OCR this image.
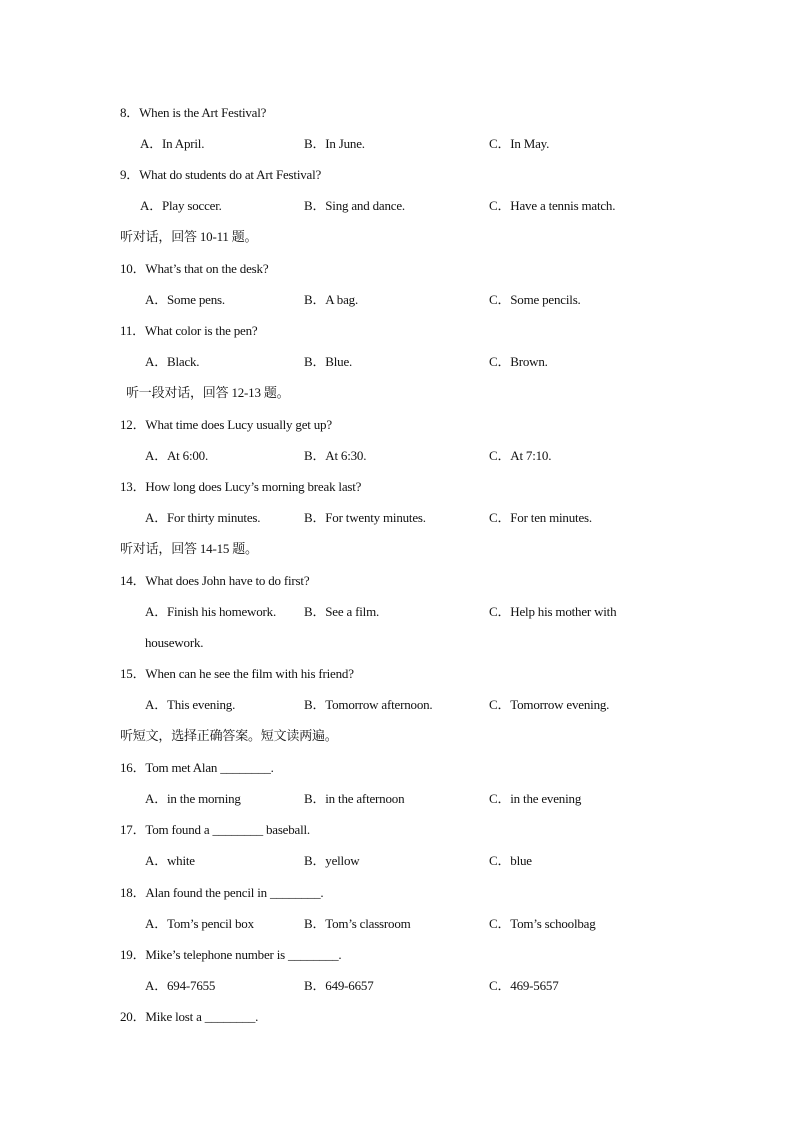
8．When is the Art Festival?
A．In April.	B．In June.	C．In May.
9．What do students do at Art Festival?
A．Play soccer.	B．Sing and dance.	C．Have a tennis match.
听对话，回答 10-11 题。
10．What’s that on the desk?
A．Some pens.	B．A bag.	C．Some pencils.
11．What color is the pen?
A．Black.	B．Blue.	C．Brown.
听一段对话，回答 12-13 题。
12．What time does Lucy usually get up?
A．At 6:00.	B．At 6:30.	C．At 7:10.
13．How long does Lucy’s morning break last?
A．For thirty minutes.	B．For twenty minutes.	C．For ten minutes.
听对话，回答 14-15 题。
14．What does John have to do first?
A．Finish his homework. B．See a film.	C．Help his mother with
housework.
15．When can he see the film with his friend?
A．This evening.	B．Tomorrow afternoon.	C．Tomorrow evening.
听短文，选择正确答案。短文读两遍。
16．Tom met Alan ________.
A．in the morning	B．in the afternoon	C．in the evening
17．Tom found a ________ baseball.
A．white	B．yellow	C．blue
18．Alan found the pencil in ________.
A．Tom’s pencil box	B．Tom’s classroom	C．Tom’s schoolbag
19．Mike’s telephone number is ________.
A．694-7655	B．649-6657	C．469-5657
20．Mike lost a ________.
